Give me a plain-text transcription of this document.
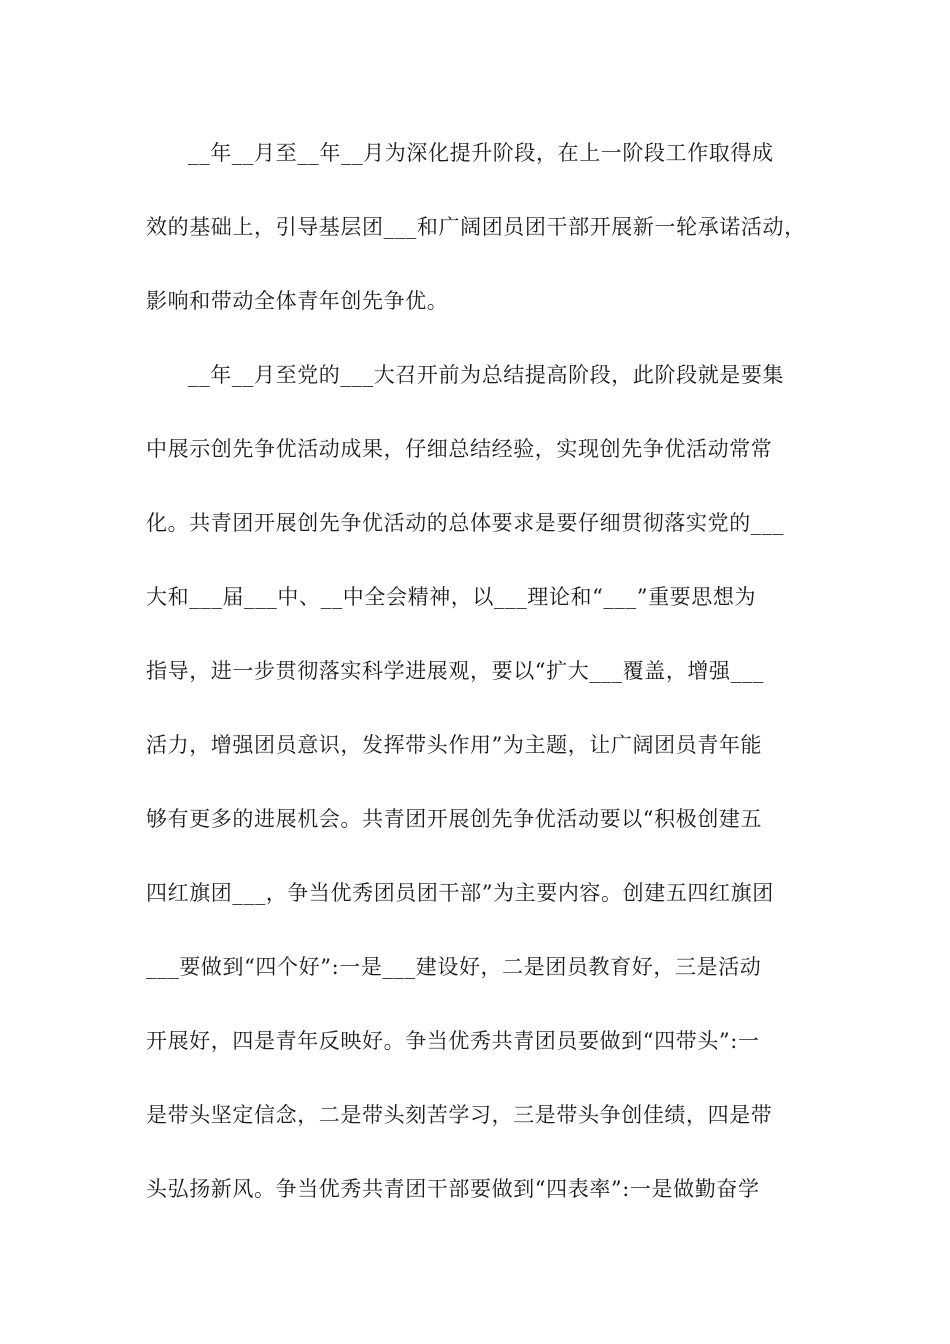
__年__月至__年__月为深化提升阶段，在上一阶段工作取得成
效的基础上，引导基层团___和广阔团员团干部开展新一轮承诺活动，
影响和带动全体青年创先争优。
__年__月至党的___大召开前为总结提高阶段，此阶段就是要集
中展示创先争优活动成果，仔细总结经验，实现创先争优活动常常
化。共青团开展创先争优活动的总体要求是要仔细贯彻落实党的___
大和___届___中、__中全会精神，以___理论和“___”重要思想为
指导，进一步贯彻落实科学进展观，要以“扩大___覆盖，增强___
活力，增强团员意识，发挥带头作用”为主题，让广阔团员青年能
够有更多的进展机会。共青团开展创先争优活动要以“积极创建五
四红旗团___，争当优秀团员团干部”为主要内容。创建五四红旗团
___要做到“四个好”:一是___建设好，二是团员教育好，三是活动
开展好，四是青年反映好。争当优秀共青团员要做到“四带头”:一
是带头坚定信念，二是带头刻苦学习，三是带头争创佳绩，四是带
头弘扬新风。争当优秀共青团干部要做到“四表率”:一是做勤奋学
